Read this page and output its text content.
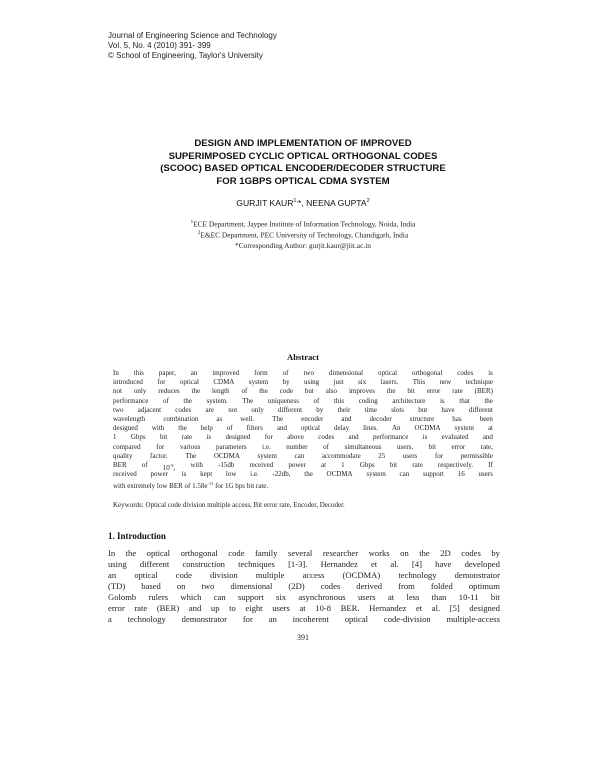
Journal of Engineering Science and Technology
Vol. 5, No. 4 (2010) 391- 399
© School of Engineering, Taylor's University
DESIGN AND IMPLEMENTATION OF IMPROVED
SUPERIMPOSED CYCLIC OPTICAL ORTHOGONAL CODES
(SCOOC) BASED OPTICAL ENCODER/DECODER STRUCTURE
FOR 1GBPS OPTICAL CDMA SYSTEM
GURJIT $KAUR^{1,}*$, NEENA GUPTA$^2$
$^1$ECE Department, Jaypee Institute of Information Technology, Noida, India
$^2$E&EC Department, PEC University of Technology, Chandigarh, India
*Corresponding Author: gurjit.kaur@jiit.ac.in
Abstract
In this paper, an improved form of two dimensional optical orthogonal codes is
introduced for optical CDMA system by using just six lasers. This new technique
not only reduces the length of the code but also improves the bit error rate (BER)
performance of the system. The uniqueness of this coding architecture is that the
two adjacent codes are not only different by their time slots but have different
wavelength	combination	as	well.	The	encoder	and	decoder	structure	has	been
designed with the help of filters and optical delay lines. An OCDMA system at
1 Gbps bit rate is designed for above codes and performance is evaluated and
compared for various parameters i.e. number of simultaneous users, bit error rate,
quality	factor.	The	OCDMA	system	can	accommodate	25	users	for	permissible
BER of $10^{-9}$, with -15db received power at 1 Gbps bit rate respectively. If
received power is kept low i.e. -22db, the OCDMA system can support 16 users
with extremely low BER of $1.58e^{-11}$ for 1G bps bit rate.
Keywords: Optical code division multiple access, Bit error rate, Encoder, Decoder.
1. Introduction
In the optical orthogonal code family several researcher works on the 2D codes by
using different construction techniques [1-3]. Hernandez et al. [4] have developed
an optical code division multiple access (OCDMA) technology demonstrator
(TD) based on two dimensional (2D) codes derived from folded optimum
Golomb rulers which can support six asynchronous users at less than 10-11 bit
error rate (BER) and up to eight users at 10-8 BER. Hernandez et al. [5] designed
a technology demonstrator for an incoherent optical code-division multiple-access
391
